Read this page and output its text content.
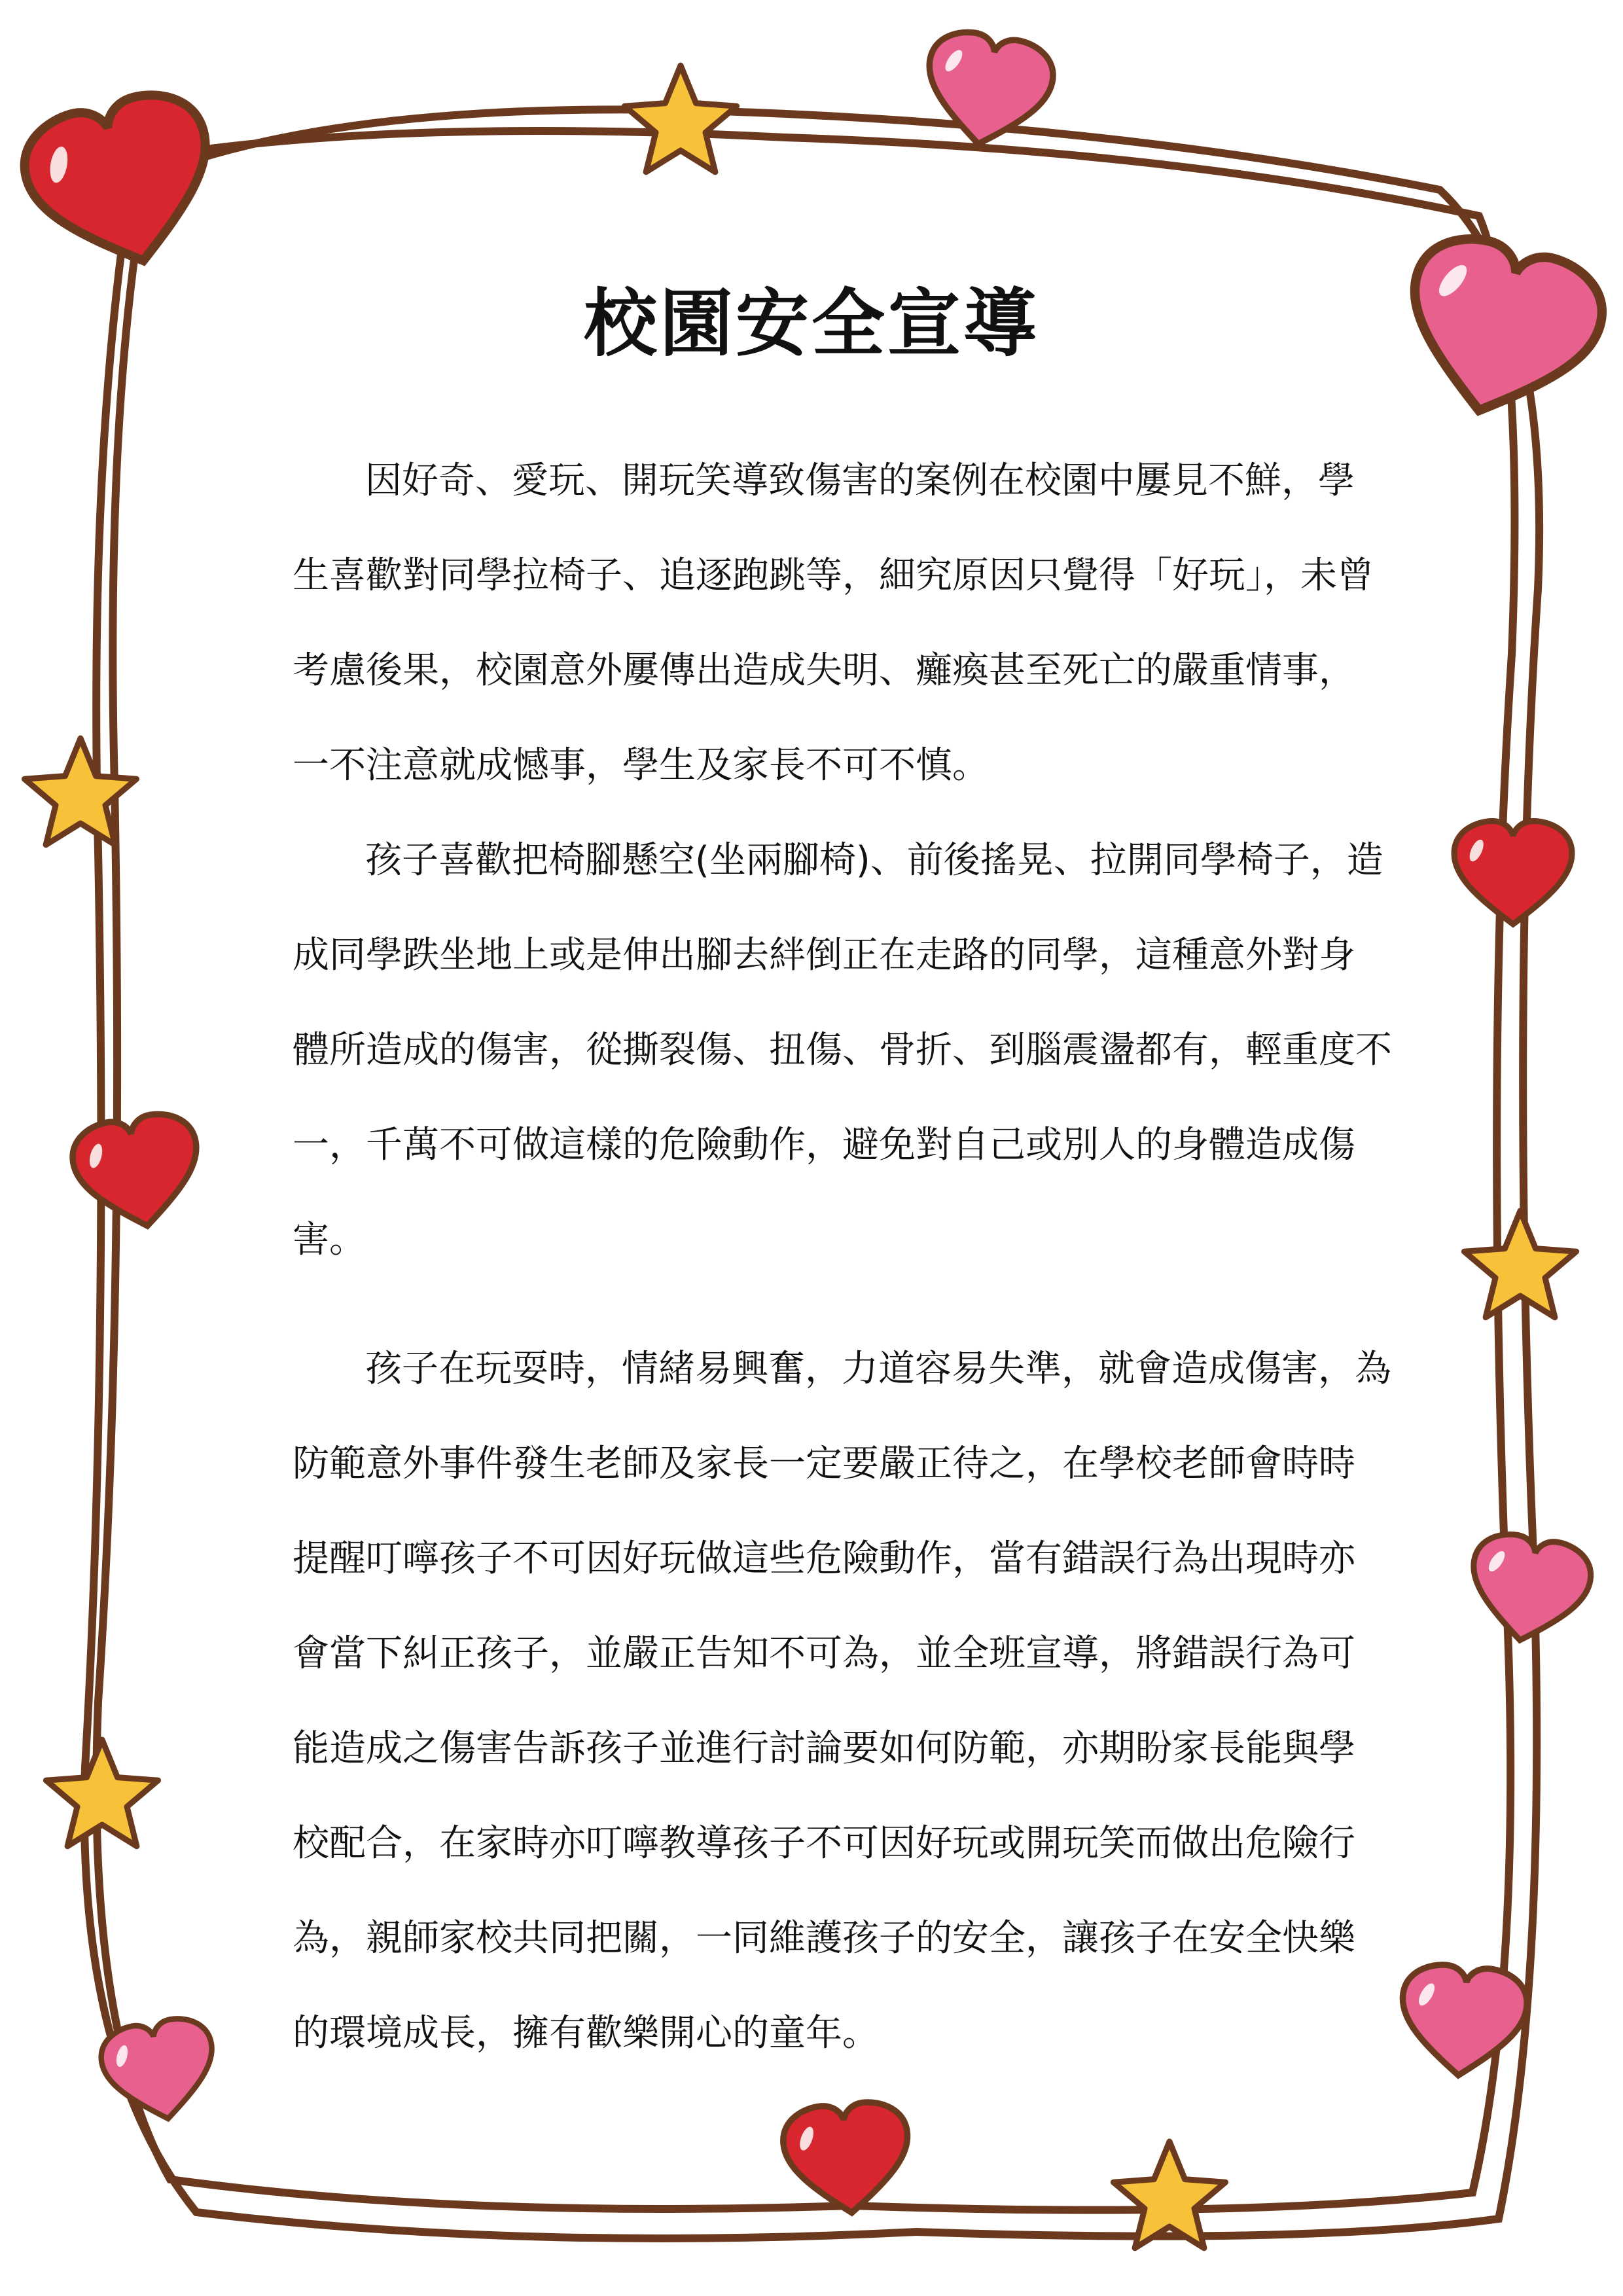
校園安全宣導
因好奇、愛玩、開玩笑導致傷害的案例在校園中屢見不鮮，學
生喜歡對同學拉椅子、追逐跑跳等，細究原因只覺得「好玩」，未曾
考慮後果，校園意外屢傳出造成失明、癱瘓甚至死亡的嚴重情事，
一不注意就成憾事，學生及家長不可不慎。
孩子喜歡把椅腳懸空(坐兩腳椅)、前後搖晃、拉開同學椅子，造
成同學跌坐地上或是伸出腳去絆倒正在走路的同學，這種意外對身
體所造成的傷害，從撕裂傷、扭傷、骨折、到腦震盪都有，輕重度不
一，千萬不可做這樣的危險動作，避免對自己或別人的身體造成傷
害。
孩子在玩耍時，情緒易興奮，力道容易失準，就會造成傷害，為
防範意外事件發生老師及家長一定要嚴正待之，在學校老師會時時
提醒叮嚀孩子不可因好玩做這些危險動作，當有錯誤行為出現時亦
會當下糾正孩子，並嚴正告知不可為，並全班宣導，將錯誤行為可
能造成之傷害告訴孩子並進行討論要如何防範，亦期盼家長能與學
校配合，在家時亦叮嚀教導孩子不可因好玩或開玩笑而做出危險行
為，親師家校共同把關，一同維護孩子的安全，讓孩子在安全快樂
的環境成長，擁有歡樂開心的童年。
